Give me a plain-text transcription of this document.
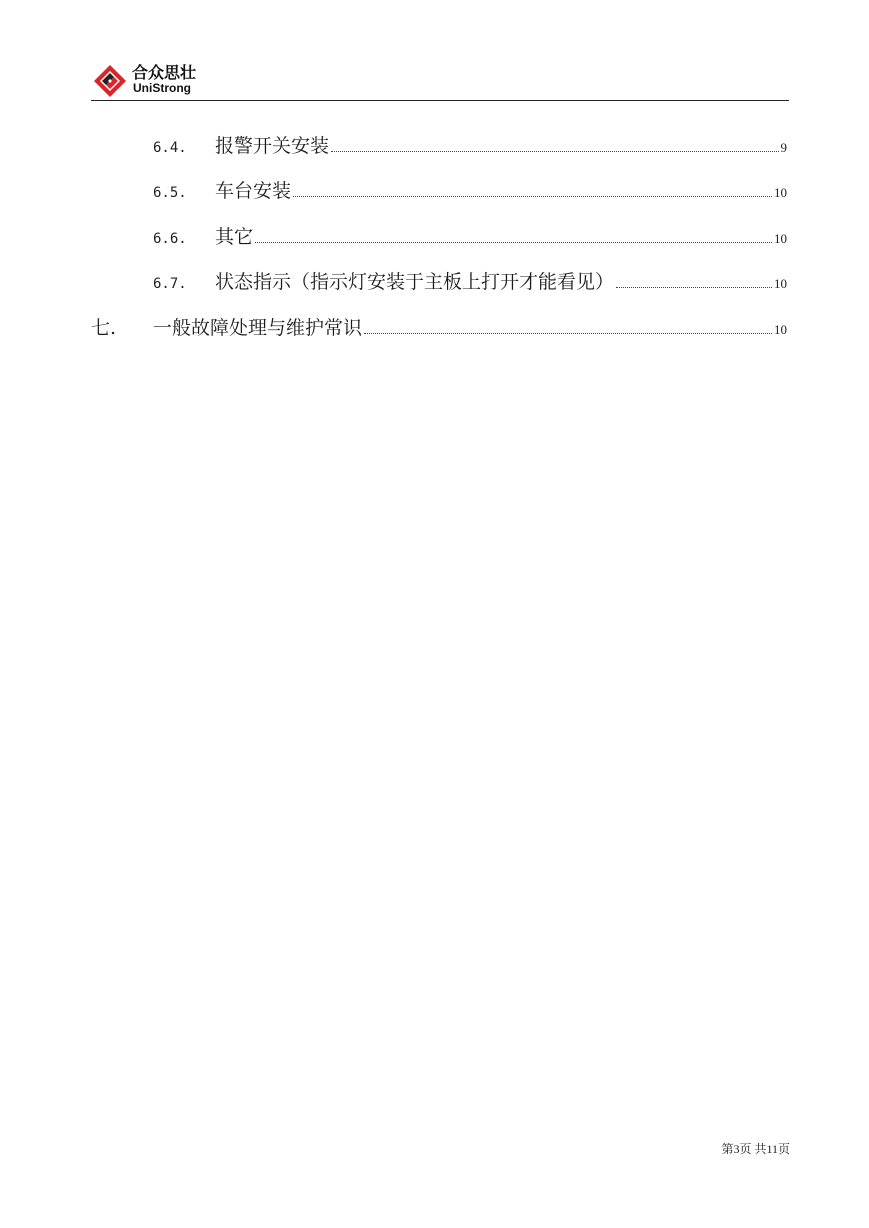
合众思壮
UniStrong
6.4.	报警开关安装	9
6.5.	车台安装	10
6.6.	其它	10
6.7.	状态指示（指示灯安装于主板上打开才能看见）	10
七.	一般故障处理与维护常识	10
第3页 共11页
